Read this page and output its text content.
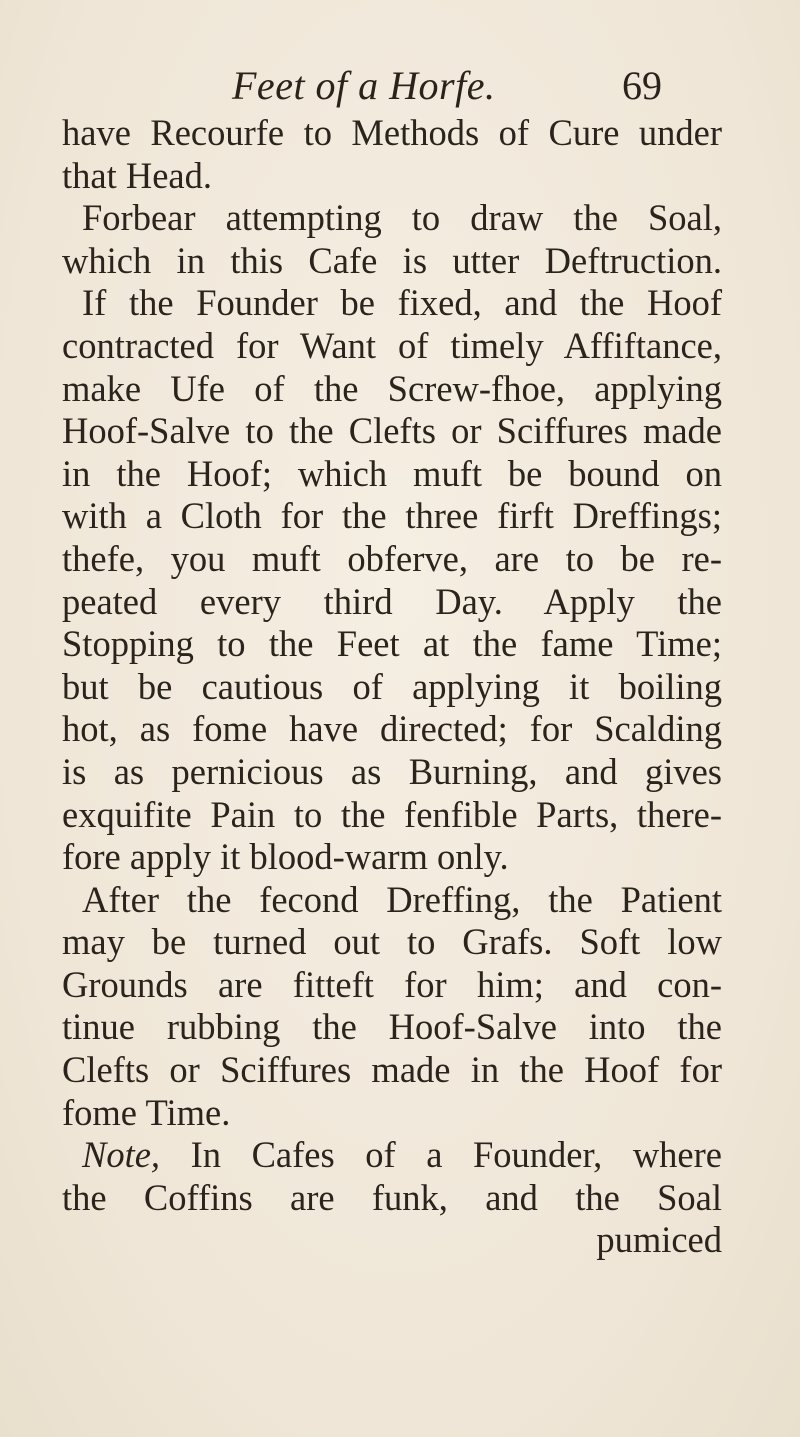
Feet of a Horfe.	69
have Recourfe to Methods of Cure under
that Head.
Forbear attempting to draw the Soal,
which in this Cafe is utter Deftruction.
If the Founder be fixed, and the Hoof
contracted for Want of timely Affiftance,
make Ufe of the Screw-fhoe, applying
Hoof-Salve to the Clefts or Sciffures made
in the Hoof; which muft be bound on
with a Cloth for the three firft Dreffings;
thefe, you muft obferve, are to be re-
peated every third Day. Apply the
Stopping to the Feet at the fame Time;
but be cautious of applying it boiling
hot, as fome have directed; for Scalding
is as pernicious as Burning, and gives
exquifite Pain to the fenfible Parts, there-
fore apply it blood-warm only.
After the fecond Dreffing, the Patient
may be turned out to Grafs. Soft low
Grounds are fitteft for him; and con-
tinue rubbing the Hoof-Salve into the
Clefts or Sciffures made in the Hoof for
fome Time.
Note, In Cafes of a Founder, where
the Coffins are funk, and the Soal
pumiced
